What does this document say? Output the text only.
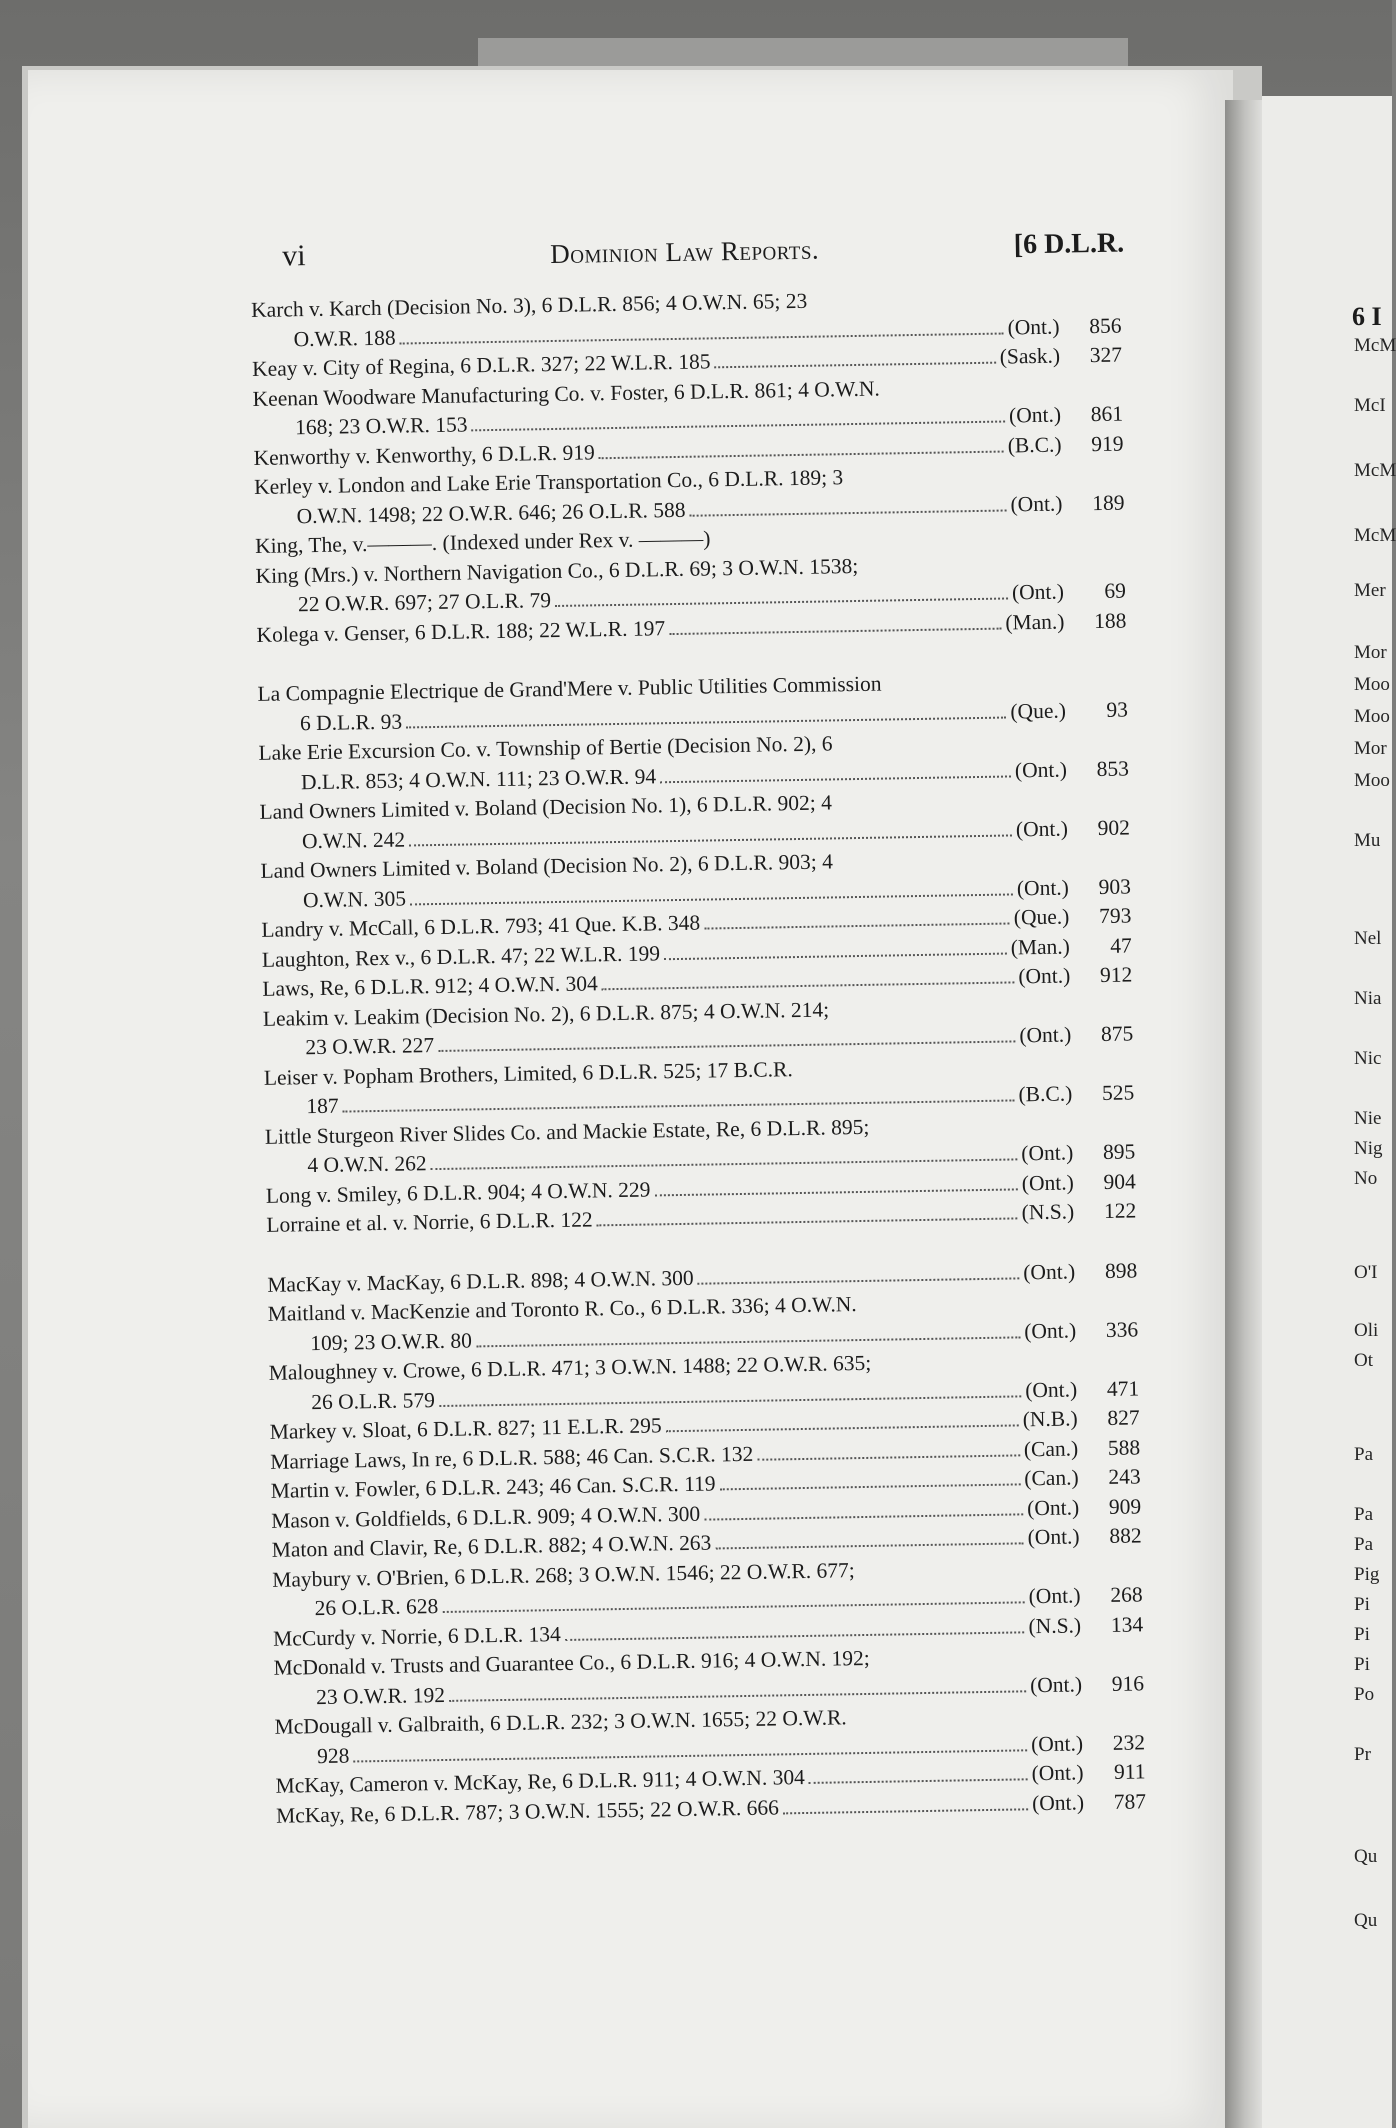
6 I
McM
McI
McM
McM
Mer
Mor
Moo
Moo
Mor
Moo
Mu
Nel
Nia
Nic
Nie
Nig
No
O'I
Oli
Ot
Pa
Pa
Pa
Pig
Pi
Pi
Pi
Po
Pr
Qu
Qu
vi	Dominion Law Reports.	[6 D.L.R.
Karch v. Karch (Decision No. 3), 6 D.L.R. 856; 4 O.W.N. 65; 23
O.W.R. 188	(Ont.)	856
Keay v. City of Regina, 6 D.L.R. 327; 22 W.L.R. 185	(Sask.)	327
Keenan Woodware Manufacturing Co. v. Foster, 6 D.L.R. 861; 4 O.W.N.
168; 23 O.W.R. 153	(Ont.)	861
Kenworthy v. Kenworthy, 6 D.L.R. 919	(B.C.)	919
Kerley v. London and Lake Erie Transportation Co., 6 D.L.R. 189; 3
O.W.N. 1498; 22 O.W.R. 646; 26 O.L.R. 588	(Ont.)	189
King, The, v.———. (Indexed under Rex v. ———)
King (Mrs.) v. Northern Navigation Co., 6 D.L.R. 69; 3 O.W.N. 1538;
22 O.W.R. 697; 27 O.L.R. 79	(Ont.)	69
Kolega v. Genser, 6 D.L.R. 188; 22 W.L.R. 197	(Man.)	188
La Compagnie Electrique de Grand'Mere v. Public Utilities Commission
6 D.L.R. 93	(Que.)	93
Lake Erie Excursion Co. v. Township of Bertie (Decision No. 2), 6
D.L.R. 853; 4 O.W.N. 111; 23 O.W.R. 94	(Ont.)	853
Land Owners Limited v. Boland (Decision No. 1), 6 D.L.R. 902; 4
O.W.N. 242	(Ont.)	902
Land Owners Limited v. Boland (Decision No. 2), 6 D.L.R. 903; 4
O.W.N. 305	(Ont.)	903
Landry v. McCall, 6 D.L.R. 793; 41 Que. K.B. 348	(Que.)	793
Laughton, Rex v., 6 D.L.R. 47; 22 W.L.R. 199	(Man.)	47
Laws, Re, 6 D.L.R. 912; 4 O.W.N. 304	(Ont.)	912
Leakim v. Leakim (Decision No. 2), 6 D.L.R. 875; 4 O.W.N. 214;
23 O.W.R. 227	(Ont.)	875
Leiser v. Popham Brothers, Limited, 6 D.L.R. 525; 17 B.C.R.
187	(B.C.)	525
Little Sturgeon River Slides Co. and Mackie Estate, Re, 6 D.L.R. 895;
4 O.W.N. 262	(Ont.)	895
Long v. Smiley, 6 D.L.R. 904; 4 O.W.N. 229	(Ont.)	904
Lorraine et al. v. Norrie, 6 D.L.R. 122	(N.S.)	122
MacKay v. MacKay, 6 D.L.R. 898; 4 O.W.N. 300	(Ont.)	898
Maitland v. MacKenzie and Toronto R. Co., 6 D.L.R. 336; 4 O.W.N.
109; 23 O.W.R. 80	(Ont.)	336
Maloughney v. Crowe, 6 D.L.R. 471; 3 O.W.N. 1488; 22 O.W.R. 635;
26 O.L.R. 579	(Ont.)	471
Markey v. Sloat, 6 D.L.R. 827; 11 E.L.R. 295	(N.B.)	827
Marriage Laws, In re, 6 D.L.R. 588; 46 Can. S.C.R. 132	(Can.)	588
Martin v. Fowler, 6 D.L.R. 243; 46 Can. S.C.R. 119	(Can.)	243
Mason v. Goldfields, 6 D.L.R. 909; 4 O.W.N. 300	(Ont.)	909
Maton and Clavir, Re, 6 D.L.R. 882; 4 O.W.N. 263	(Ont.)	882
Maybury v. O'Brien, 6 D.L.R. 268; 3 O.W.N. 1546; 22 O.W.R. 677;
26 O.L.R. 628	(Ont.)	268
McCurdy v. Norrie, 6 D.L.R. 134	(N.S.)	134
McDonald v. Trusts and Guarantee Co., 6 D.L.R. 916; 4 O.W.N. 192;
23 O.W.R. 192	(Ont.)	916
McDougall v. Galbraith, 6 D.L.R. 232; 3 O.W.N. 1655; 22 O.W.R.
928	(Ont.)	232
McKay, Cameron v. McKay, Re, 6 D.L.R. 911; 4 O.W.N. 304	(Ont.)	911
McKay, Re, 6 D.L.R. 787; 3 O.W.N. 1555; 22 O.W.R. 666	(Ont.)	787
